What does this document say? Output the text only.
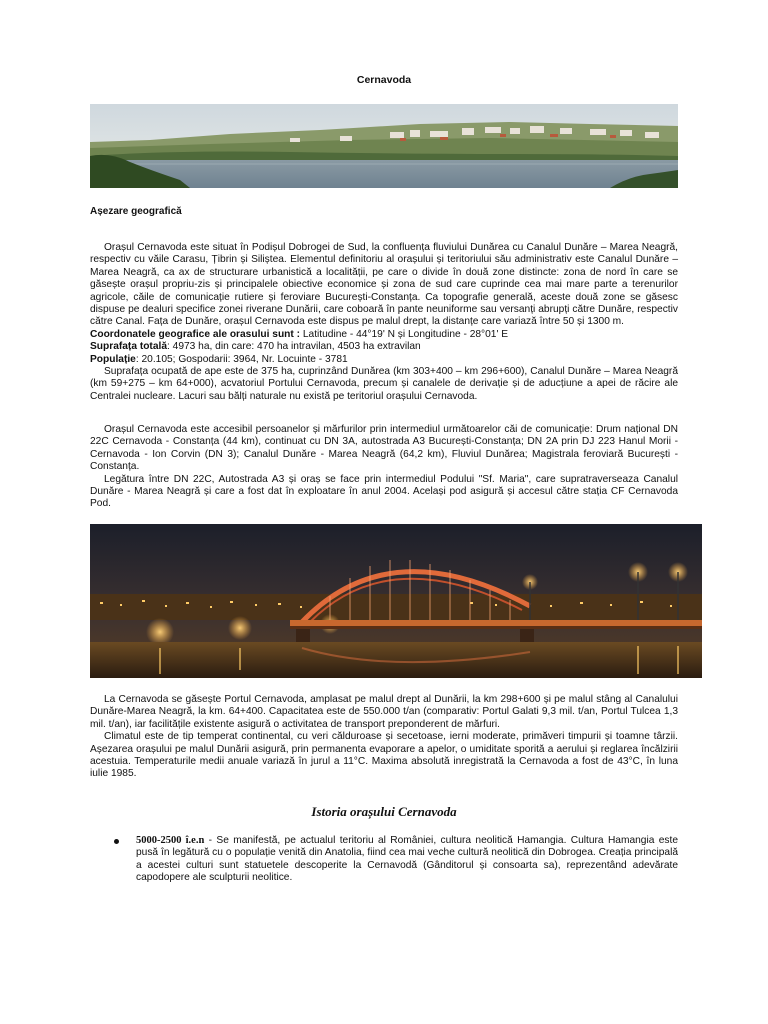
Cernavoda
Așezare geografică

Orașul Cernavoda este situat în Podișul Dobrogei de Sud, la confluența fluviului Dunărea cu Canalul Dunăre – Marea Neagră, respectiv cu văile Carasu, Țibrin și Siliștea. Elementul definitoriu al orașului și teritoriului său administrativ este Canalul Dunăre – Marea Neagră, ca ax de structurare urbanistică a localității, pe care o divide în două zone distincte: zona de nord în care se găsește orașul propriu-zis și principalele obiective economice și zona de sud care cuprinde cea mai mare parte a terenurilor agricole, căile de comunicație rutiere și feroviare București-Constanța. Ca topografie generală, aceste două zone se găsesc dispuse pe dealuri specifice zonei riverane Dunării, care coboară în pante neuniforme sau versanți abrupți către Dunăre, respectiv către Canal. Fața de Dunăre, orașul Cernavoda este dispus pe malul drept, la distanțe care variază între 50 și 1300 m.

Coordonatele geografice ale orasului sunt : Latitudine - 44°19' N și Longitudine - 28°01' E

Suprafața totală: 4973 ha, din care: 470 ha intravilan, 4503 ha extravilan

Populație: 20.105; Gospodarii: 3964, Nr. Locuinte - 3781

Suprafața ocupată de ape este de 375 ha, cuprinzând Dunărea (km 303+400 – km 296+600), Canalul Dunăre – Marea Neagră (km 59+275 – km 64+000), acvatoriul Portului Cernavoda, precum și canalele de derivație și de aducțiune a apei de răcire ale Centralei nucleare. Lacuri sau bălți naturale nu există pe teritoriul orașului Cernavoda.

Orașul Cernavoda este accesibil persoanelor și mărfurilor prin intermediul următoarelor căi de comunicație: Drum național DN 22C Cernavoda - Constanța (44 km), continuat cu DN 3A, autostrada A3 București-Constanța; DN 2A prin DJ 223 Hanul Morii - Cernavoda - Ion Corvin (DN 3); Canalul Dunăre - Marea Neagră (64,2 km), Fluviul Dunărea; Magistrala feroviară București - Constanța.

Legătura între DN 22C, Autostrada A3 și oraș se face prin intermediul Podului "Sf. Maria", care supratraverseaza Canalul Dunăre - Marea Neagră și care a fost dat în exploatare în anul 2004. Același pod asigură și accesul către stația CF Cernavoda Pod.

La Cernavoda se găsește Portul Cernavoda, amplasat pe malul drept al Dunării, la km 298+600 și pe malul stâng al Canalului Dunăre-Marea Neagră, la km. 64+400. Capacitatea este de 550.000 t/an (comparativ: Portul Galati 9,3 mil. t/an, Portul Tulcea 1,3 mil. t/an), iar facilitățile existente asigură o activitatea de transport preponderent de mărfuri.

Climatul este de tip temperat continental, cu veri călduroase și secetoase, ierni moderate, primăveri timpurii și toamne târzii. Așezarea orașului pe malul Dunării asigură, prin permanenta evaporare a apelor, o umiditate sporită a aerului și reglarea încălzirii acestuia. Temperaturile medii anuale variază în jurul a 11°C. Maxima absolută inregistrată la Cernavoda a fost de 43°C, în luna iulie 1985.

Istoria orașului Cernavoda
5000-2500 î.e.n - Se manifestă, pe actualul teritoriu al României, cultura neolitică Hamangia. Cultura Hamangia este pusă în legătură cu o populație venită din Anatolia, fiind cea mai veche cultură neolitică din Dobrogea. Creația principală a acestei culturi sunt statuetele descoperite la Cernavodă (Gânditorul și consoarta sa), reprezentând adevărate capodopere ale sculpturii neolitice.
